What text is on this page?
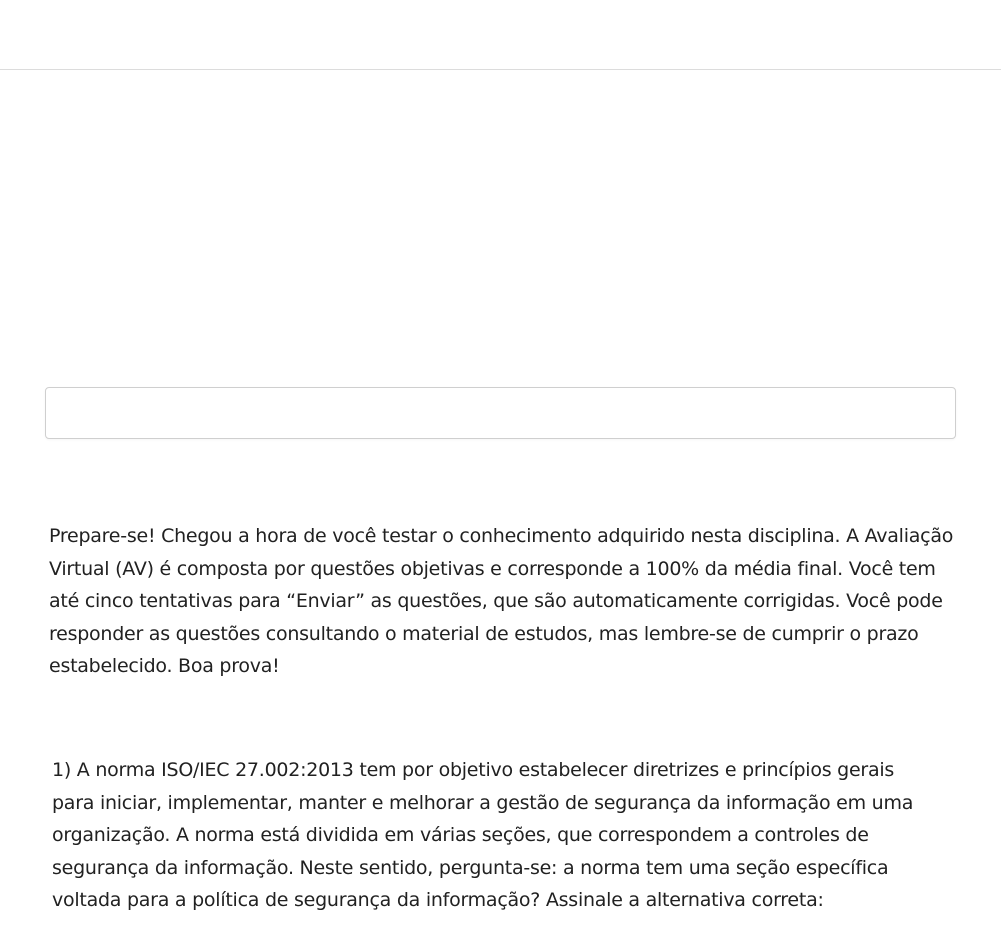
Prepare-se! Chegou a hora de você testar o conhecimento adquirido nesta disciplina. A Avaliação Virtual (AV) é composta por questões objetivas e corresponde a 100% da média final. Você tem até cinco tentativas para “Enviar” as questões, que são automaticamente corrigidas. Você pode responder as questões consultando o material de estudos, mas lembre-se de cumprir o prazo estabelecido. Boa prova!

1) A norma ISO/IEC 27.002:2013 tem por objetivo estabelecer diretrizes e princípios gerais para iniciar, implementar, manter e melhorar a gestão de segurança da informação em uma organização. A norma está dividida em várias seções, que correspondem a controles de segurança da informação. Neste sentido, pergunta-se: a norma tem uma seção específica voltada para a política de segurança da informação? Assinale a alternativa correta:
